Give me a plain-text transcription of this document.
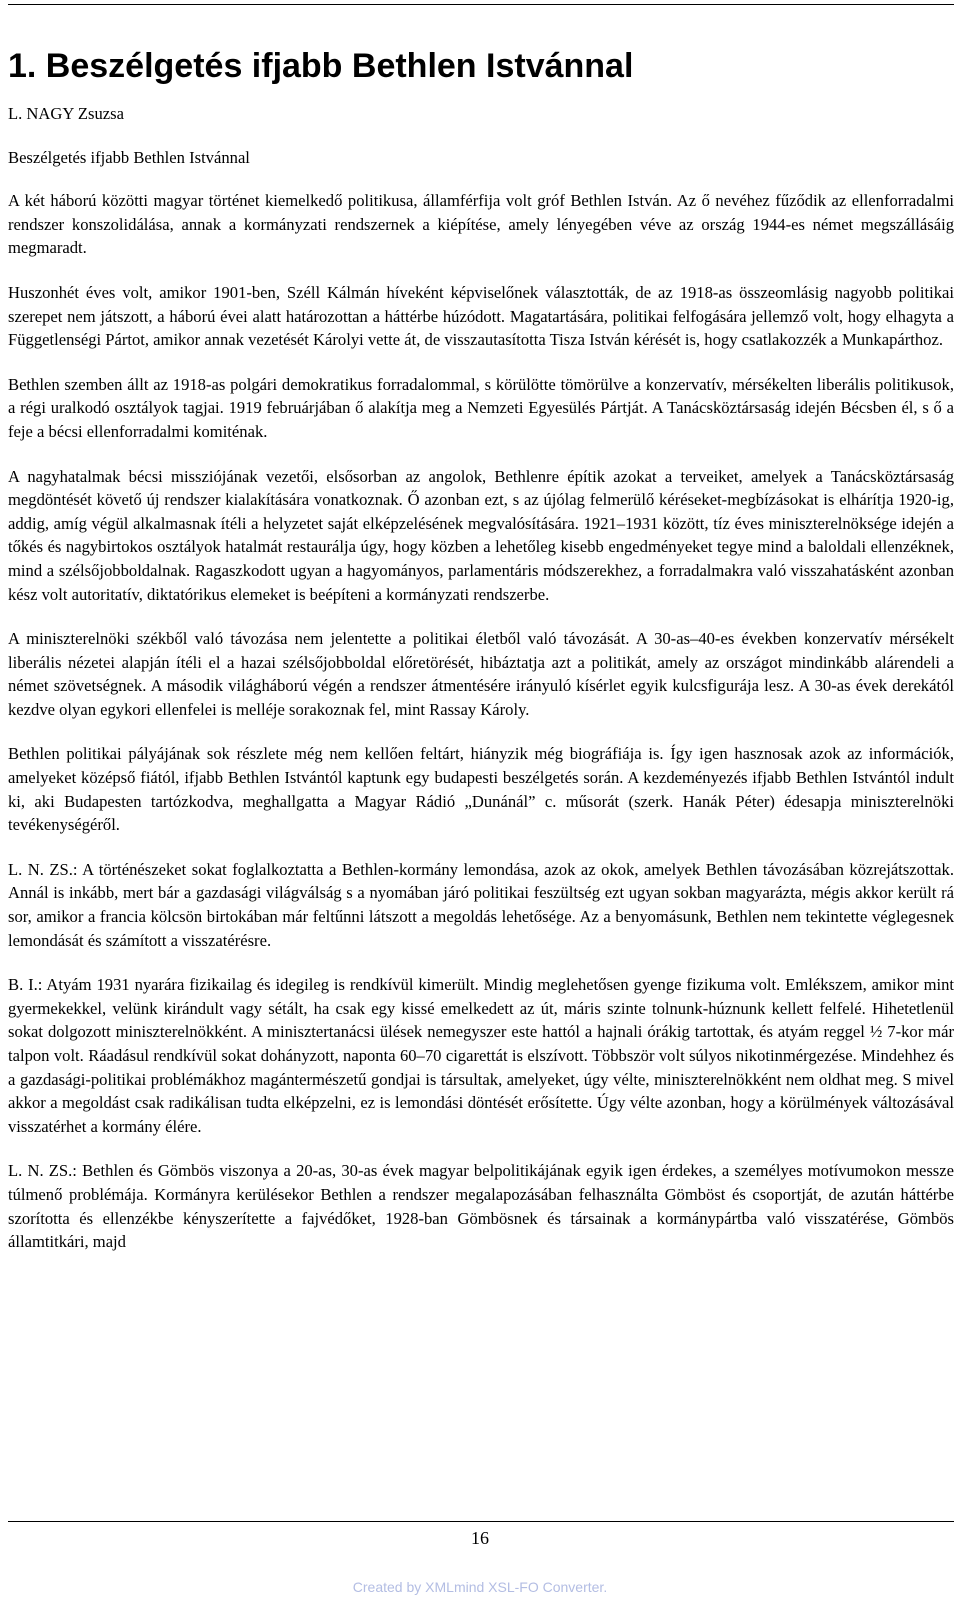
1. Beszélgetés ifjabb Bethlen Istvánnal

L. NAGY Zsuzsa

Beszélgetés ifjabb Bethlen Istvánnal

A két háború közötti magyar történet kiemelkedő politikusa, államférfija volt gróf Bethlen István. Az ő nevéhez fűződik az ellenforradalmi rendszer konszolidálása, annak a kormányzati rendszernek a kiépítése, amely lényegében véve az ország 1944-es német megszállásáig megmaradt.

Huszonhét éves volt, amikor 1901-ben, Széll Kálmán híveként képviselőnek választották, de az 1918-as összeomlásig nagyobb politikai szerepet nem játszott, a háború évei alatt határozottan a háttérbe húzódott. Magatartására, politikai felfogására jellemző volt, hogy elhagyta a Függetlenségi Pártot, amikor annak vezetését Károlyi vette át, de visszautasította Tisza István kérését is, hogy csatlakozzék a Munkapárthoz.

Bethlen szemben állt az 1918-as polgári demokratikus forradalommal, s körülötte tömörülve a konzervatív, mérsékelten liberális politikusok, a régi uralkodó osztályok tagjai. 1919 februárjában ő alakítja meg a Nemzeti Egyesülés Pártját. A Tanácsköztársaság idején Bécsben él, s ő a feje a bécsi ellenforradalmi komiténak.

A nagyhatalmak bécsi missziójának vezetői, elsősorban az angolok, Bethlenre építik azokat a terveiket, amelyek a Tanácsköztársaság megdöntését követő új rendszer kialakítására vonatkoznak. Ő azonban ezt, s az újólag felmerülő kéréseket-megbízásokat is elhárítja 1920-ig, addig, amíg végül alkalmasnak ítéli a helyzetet saját elképzelésének megvalósítására. 1921–1931 között, tíz éves miniszterelnöksége idején a tőkés és nagybirtokos osztályok hatalmát restaurálja úgy, hogy közben a lehetőleg kisebb engedményeket tegye mind a baloldali ellenzéknek, mind a szélsőjobboldalnak. Ragaszkodott ugyan a hagyományos, parlamentáris módszerekhez, a forradalmakra való visszahatásként azonban kész volt autoritatív, diktatórikus elemeket is beépíteni a kormányzati rendszerbe.

A miniszterelnöki székből való távozása nem jelentette a politikai életből való távozását. A 30-as–40-es években konzervatív mérsékelt liberális nézetei alapján ítéli el a hazai szélsőjobboldal előretörését, hibáztatja azt a politikát, amely az országot mindinkább alárendeli a német szövetségnek. A második világháború végén a rendszer átmentésére irányuló kísérlet egyik kulcsfigurája lesz. A 30-as évek derekától kezdve olyan egykori ellenfelei is melléje sorakoznak fel, mint Rassay Károly.

Bethlen politikai pályájának sok részlete még nem kellően feltárt, hiányzik még biográfiája is. Így igen hasznosak azok az információk, amelyeket középső fiától, ifjabb Bethlen Istvántól kaptunk egy budapesti beszélgetés során. A kezdeményezés ifjabb Bethlen Istvántól indult ki, aki Budapesten tartózkodva, meghallgatta a Magyar Rádió „Dunánál” c. műsorát (szerk. Hanák Péter) édesapja miniszterelnöki tevékenységéről.

L. N. ZS.: A történészeket sokat foglalkoztatta a Bethlen-kormány lemondása, azok az okok, amelyek Bethlen távozásában közrejátszottak. Annál is inkább, mert bár a gazdasági világválság s a nyomában járó politikai feszültség ezt ugyan sokban magyarázta, mégis akkor került rá sor, amikor a francia kölcsön birtokában már feltűnni látszott a megoldás lehetősége. Az a benyomásunk, Bethlen nem tekintette véglegesnek lemondását és számított a visszatérésre.

B. I.: Atyám 1931 nyarára fizikailag és idegileg is rendkívül kimerült. Mindig meglehetősen gyenge fizikuma volt. Emlékszem, amikor mint gyermekekkel, velünk kirándult vagy sétált, ha csak egy kissé emelkedett az út, máris szinte tolnunk-húznunk kellett felfelé. Hihetetlenül sokat dolgozott miniszterelnökként. A minisztertanácsi ülések nemegyszer este hattól a hajnali órákig tartottak, és atyám reggel ½ 7-kor már talpon volt. Ráadásul rendkívül sokat dohányzott, naponta 60–70 cigarettát is elszívott. Többször volt súlyos nikotinmérgezése. Mindehhez és a gazdasági-politikai problémákhoz magántermészetű gondjai is társultak, amelyeket, úgy vélte, miniszterelnökként nem oldhat meg. S mivel akkor a megoldást csak radikálisan tudta elképzelni, ez is lemondási döntését erősítette. Úgy vélte azonban, hogy a körülmények változásával visszatérhet a kormány élére.

L. N. ZS.: Bethlen és Gömbös viszonya a 20-as, 30-as évek magyar belpolitikájának egyik igen érdekes, a személyes motívumokon messze túlmenő problémája. Kormányra kerülésekor Bethlen a rendszer megalapozásában felhasználta Gömböst és csoportját, de azután háttérbe szorította és ellenzékbe kényszerítette a fajvédőket, 1928-ban Gömbösnek és társainak a kormánypártba való visszatérése, Gömbös államtitkári, majd

16
Created by XMLmind XSL-FO Converter.
